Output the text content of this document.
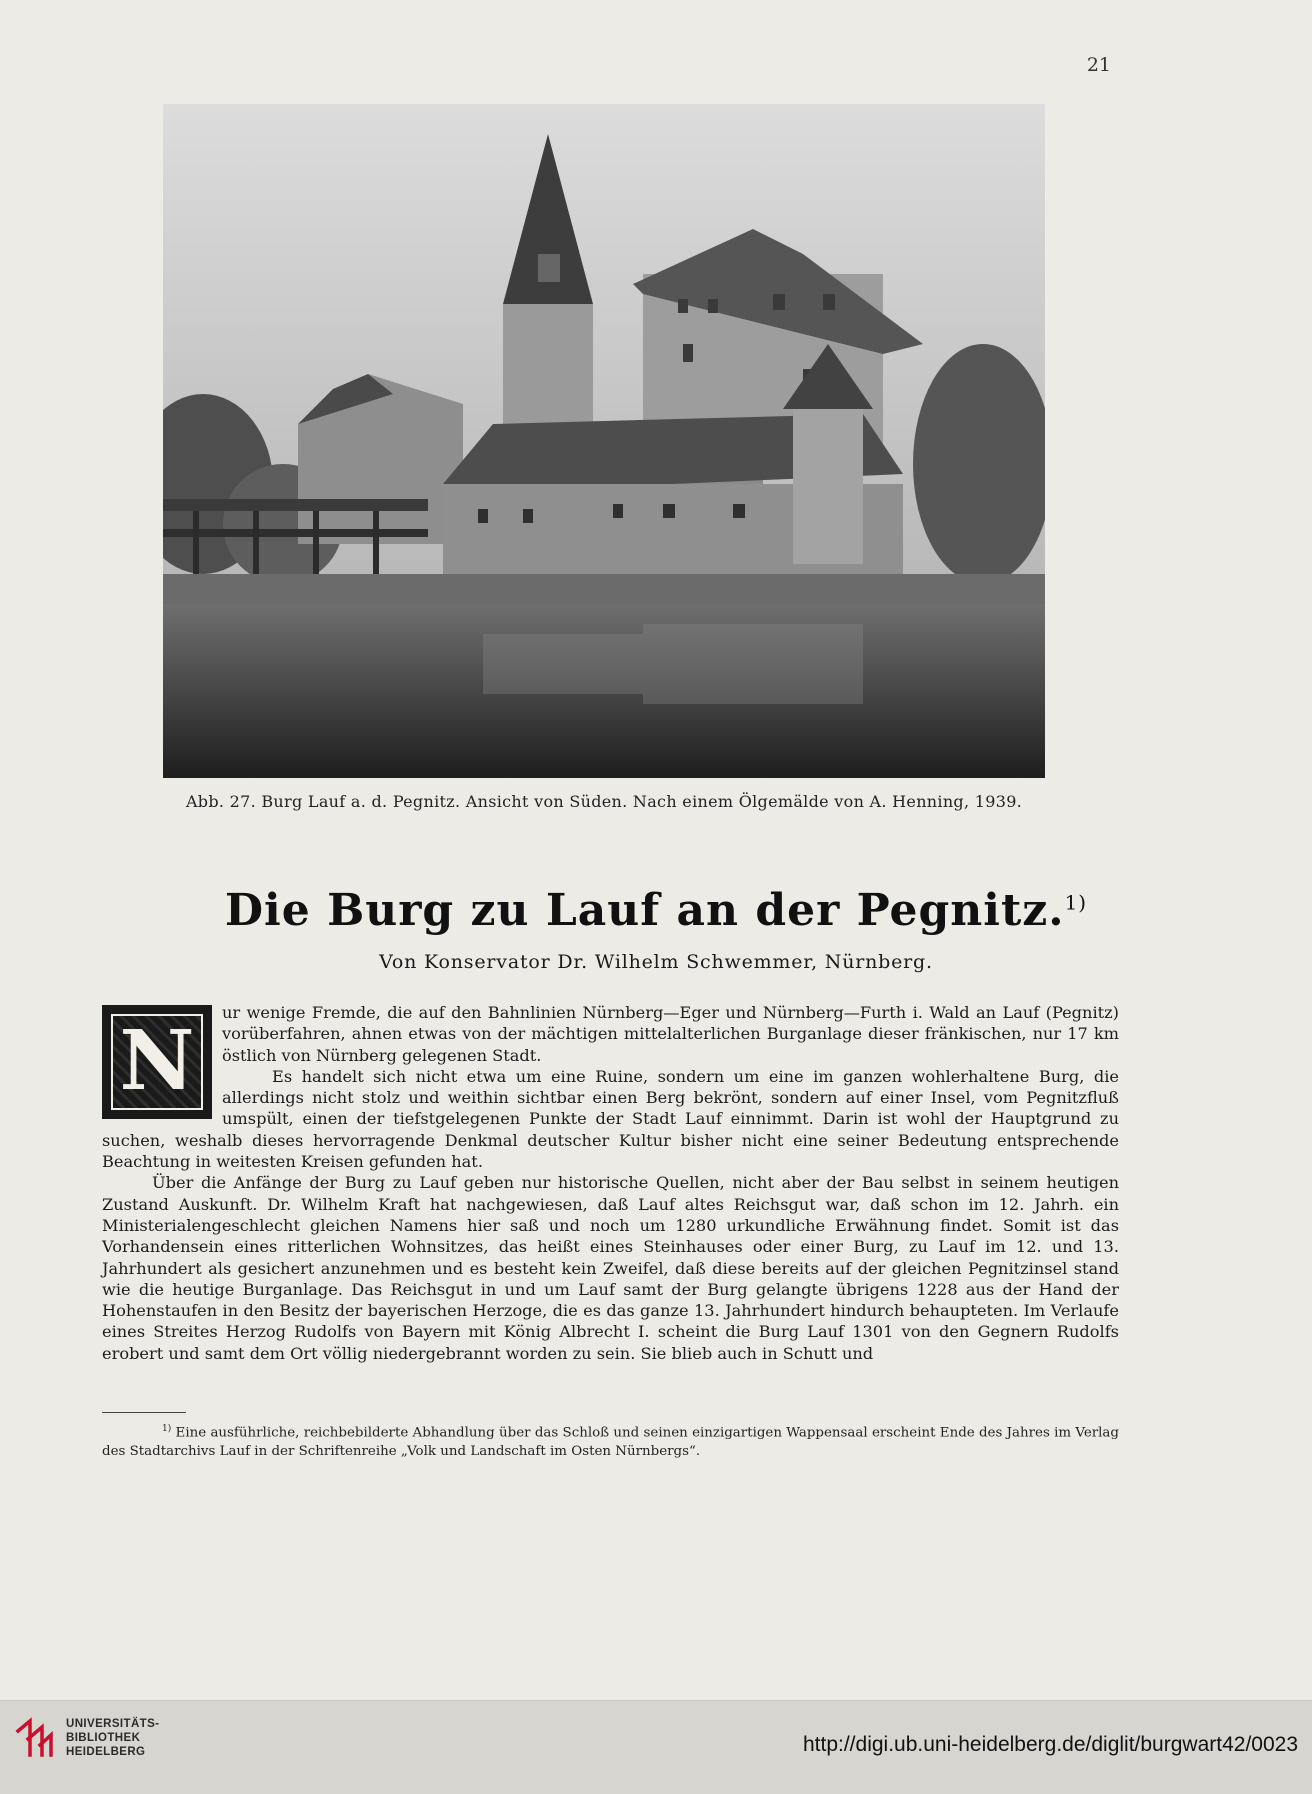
21
Abb. 27. Burg Lauf a. d. Pegnitz. Ansicht von Süden. Nach einem Ölgemälde von A. Henning, 1939.
Die Burg zu Lauf an der Pegnitz.$^{1)}$
Von Konservator Dr. Wilhelm Schwemmer, Nürnberg.
N

ur wenige Fremde, die auf den Bahnlinien Nürnberg—Eger und Nürnberg—Furth i. Wald an Lauf (Pegnitz) vorüberfahren, ahnen etwas von der mächtigen mittelalterlichen Burganlage dieser fränkischen, nur 17 km östlich von Nürnberg gelegenen Stadt.

Es handelt sich nicht etwa um eine Ruine, sondern um eine im ganzen wohlerhaltene Burg, die allerdings nicht stolz und weithin sichtbar einen Berg bekrönt, sondern auf einer Insel, vom Pegnitzfluß umspült, einen der tiefstgelegenen Punkte der Stadt Lauf einnimmt. Darin ist wohl der Hauptgrund zu suchen, weshalb dieses hervorragende Denkmal deutscher Kultur bisher nicht eine seiner Bedeutung entsprechende Beachtung in weitesten Kreisen gefunden hat.

Über die Anfänge der Burg zu Lauf geben nur historische Quellen, nicht aber der Bau selbst in seinem heutigen Zustand Auskunft. Dr. Wilhelm Kraft hat nachgewiesen, daß Lauf altes Reichsgut war, daß schon im 12. Jahrh. ein Ministerialengeschlecht gleichen Namens hier saß und noch um 1280 urkundliche Erwähnung findet. Somit ist das Vorhandensein eines ritterlichen Wohnsitzes, das heißt eines Steinhauses oder einer Burg, zu Lauf im 12. und 13. Jahrhundert als gesichert anzunehmen und es besteht kein Zweifel, daß diese bereits auf der gleichen Pegnitzinsel stand wie die heutige Burganlage. Das Reichsgut in und um Lauf samt der Burg gelangte übrigens 1228 aus der Hand der Hohenstaufen in den Besitz der bayerischen Herzoge, die es das ganze 13. Jahrhundert hindurch behaupteten. Im Verlaufe eines Streites Herzog Rudolfs von Bayern mit König Albrecht I. scheint die Burg Lauf 1301 von den Gegnern Rudolfs erobert und samt dem Ort völlig niedergebrannt worden zu sein. Sie blieb auch in Schutt und

$^{1)}$ Eine ausführliche, reichbebilderte Abhandlung über das Schloß und seinen einzigartigen Wappensaal erscheint Ende des Jahres im Verlag des Stadtarchivs Lauf in der Schriftenreihe „Volk und Landschaft im Osten Nürnbergs“.
UNIVERSITÄTS-
BIBLIOTHEK
HEIDELBERG	http://digi.ub.uni-heidelberg.de/diglit/burgwart42/0023
